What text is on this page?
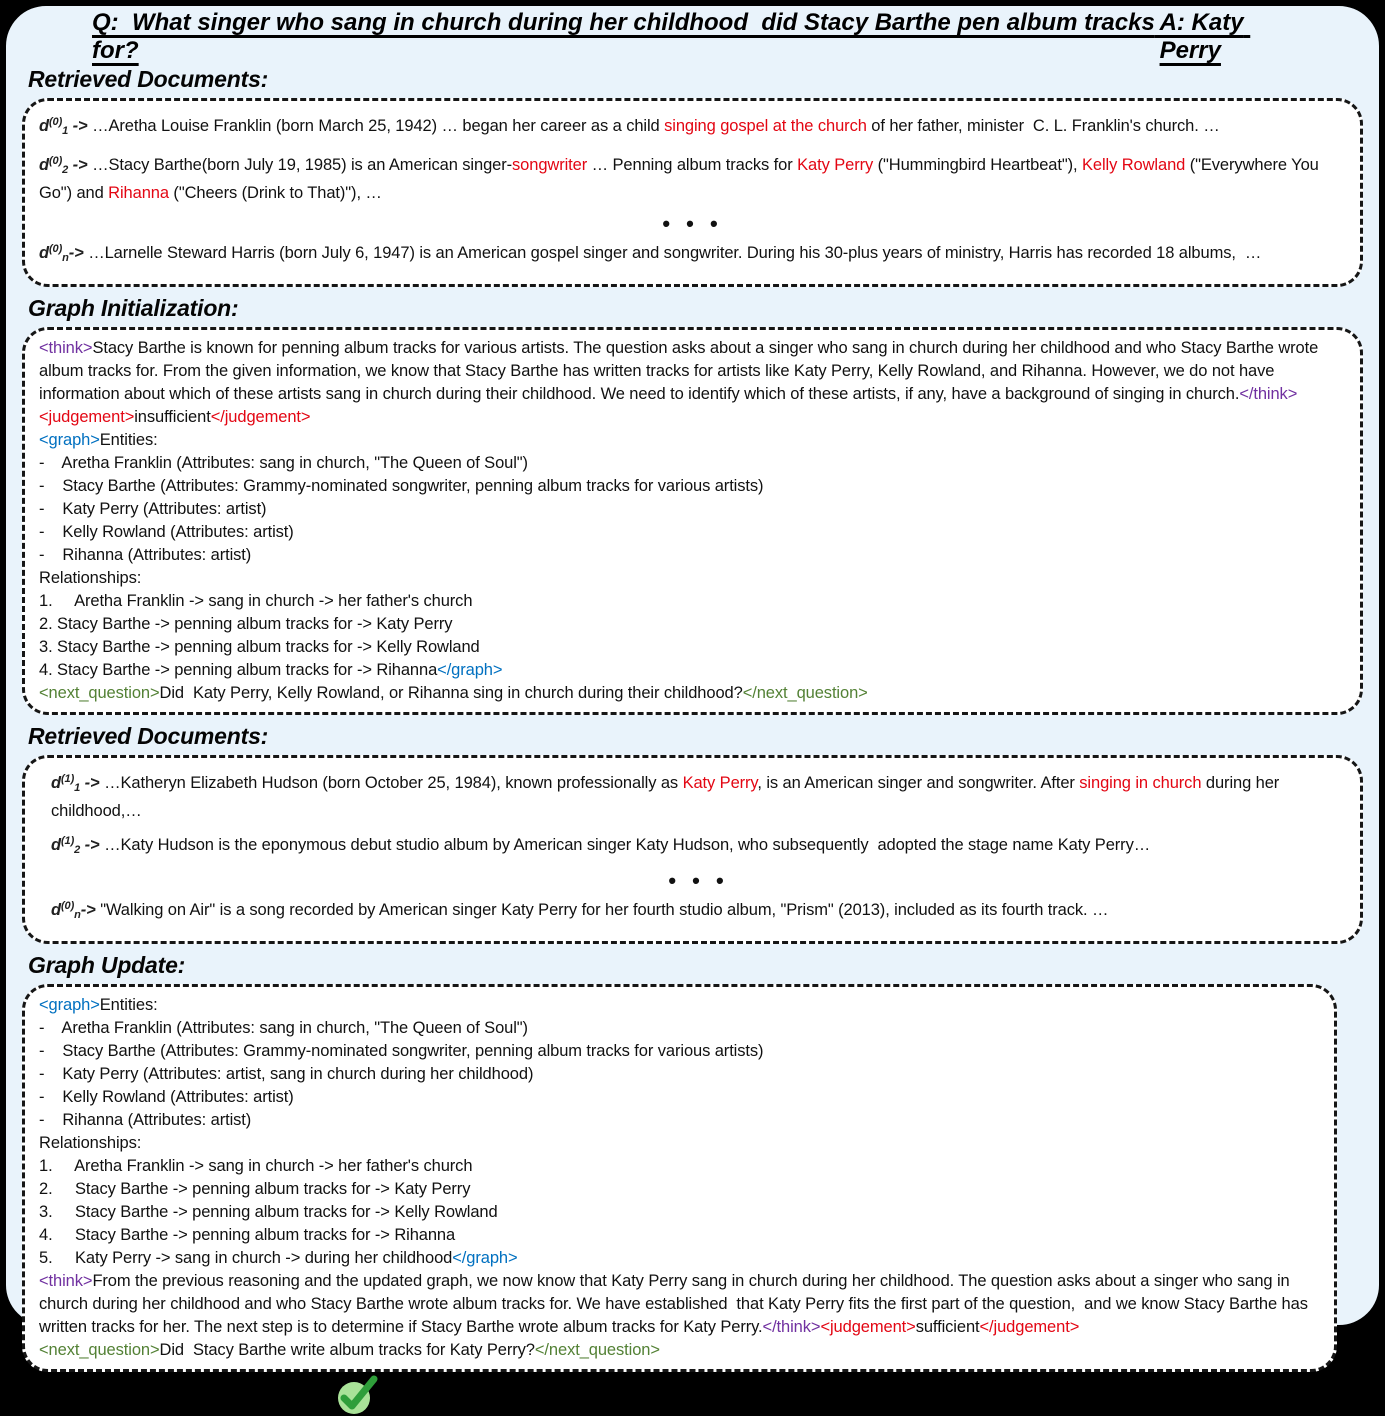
Q:  What singer who sang in church during her childhood  did Stacy Barthe pen album tracks for?
A: Katy Perry
Retrieved Documents:
$d^{(0)}1$ -> …Aretha Louise Franklin (born March 25, 1942) … began her career as a child singing gospel at the church of her father, minister  C. L. Franklin's church. …
$d^{(0)}2$ -> …Stacy Barthe(born July 19, 1985) is an American singer-songwriter … Penning album tracks for Katy Perry ("Hummingbird Heartbeat"), Kelly Rowland ("Everywhere You Go") and Rihanna ("Cheers (Drink to That)"), …
• • •
$d^{(0)}n->$ …Larnelle Steward Harris (born July 6, 1947) is an American gospel singer and songwriter. During his 30-plus years of ministry, Harris has recorded 18 albums,  …
Graph Initialization:
<think>Stacy Barthe is known for penning album tracks for various artists. The question asks about a singer who sang in church during her childhood and who Stacy Barthe wrote album tracks for. From the given information, we know that Stacy Barthe has written tracks for artists like Katy Perry, Kelly Rowland, and Rihanna. However, we do not have information about which of these artists sang in church during their childhood. We need to identify which of these artists, if any, have a background of singing in church.</think><judgement>insufficient</judgement>
<graph>Entities:
-    Aretha Franklin (Attributes: sang in church, "The Queen of Soul")
-    Stacy Barthe (Attributes: Grammy-nominated songwriter, penning album tracks for various artists)
-    Katy Perry (Attributes: artist)
-    Kelly Rowland (Attributes: artist)
-    Rihanna (Attributes: artist)
Relationships:
1.     Aretha Franklin -> sang in church -> her father's church
2. Stacy Barthe -> penning album tracks for -> Katy Perry
3. Stacy Barthe -> penning album tracks for -> Kelly Rowland
4. Stacy Barthe -> penning album tracks for -> Rihanna</graph>
<next_question>Did  Katy Perry, Kelly Rowland, or Rihanna sing in church during their childhood?</next_question>
Retrieved Documents:
$d^{(1)}1$ -> …Katheryn Elizabeth Hudson (born October 25, 1984), known professionally as Katy Perry, is an American singer and songwriter. After singing in church during her childhood,…
$d^{(1)}2$ -> …Katy Hudson is the eponymous debut studio album by American singer Katy Hudson, who subsequently  adopted the stage name Katy Perry…
• • •
$d^{(0)}n->$ "Walking on Air" is a song recorded by American singer Katy Perry for her fourth studio album, "Prism" (2013), included as its fourth track. …
Graph Update:
<graph>Entities:
-    Aretha Franklin (Attributes: sang in church, "The Queen of Soul")
-    Stacy Barthe (Attributes: Grammy-nominated songwriter, penning album tracks for various artists)
-    Katy Perry (Attributes: artist, sang in church during her childhood)
-    Kelly Rowland (Attributes: artist)
-    Rihanna (Attributes: artist)
Relationships:
1.     Aretha Franklin -> sang in church -> her father's church
2.     Stacy Barthe -> penning album tracks for -> Katy Perry
3.     Stacy Barthe -> penning album tracks for -> Kelly Rowland
4.     Stacy Barthe -> penning album tracks for -> Rihanna
5.     Katy Perry -> sang in church -> during her childhood</graph>
<think>From the previous reasoning and the updated graph, we now know that Katy Perry sang in church during her childhood. The question asks about a singer who sang in church during her childhood and who Stacy Barthe wrote album tracks for. We have established  that Katy Perry fits the first part of the question,  and we know Stacy Barthe has written tracks for her. The next step is to determine if Stacy Barthe wrote album tracks for Katy Perry.</think><judgement>sufficient</judgement>
<next_question>Did  Stacy Barthe write album tracks for Katy Perry?</next_question>
Final Answer: Katy Perry
